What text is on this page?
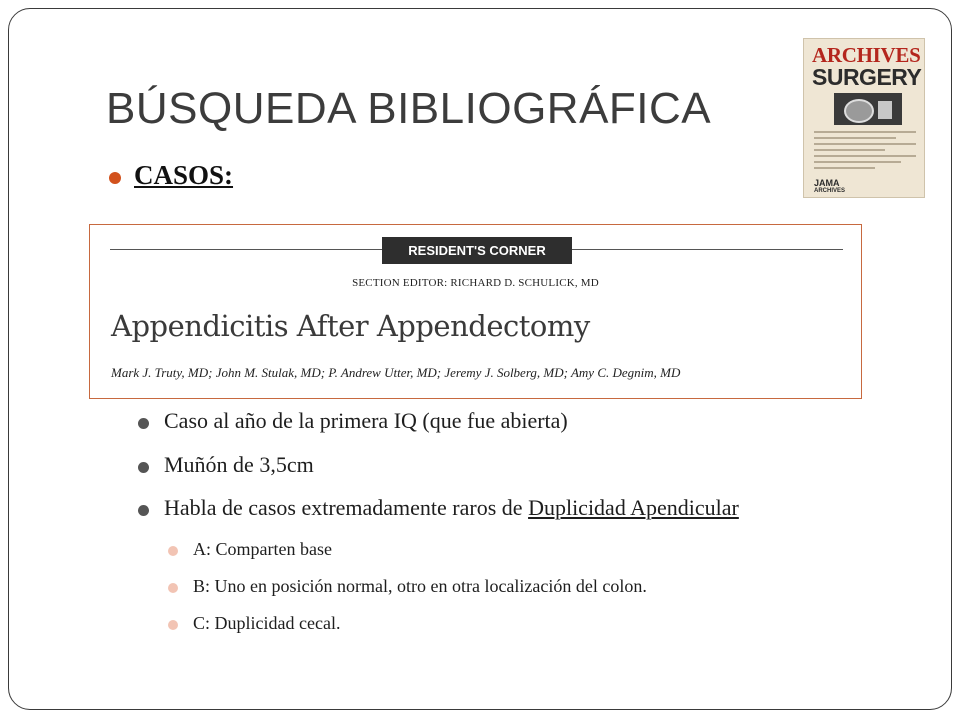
BÚSQUEDA BIBLIOGRÁFICA
CASOS:
ARCHIVES
SURGERY
JAMA
ARCHIVES
RESIDENT'S CORNER
SECTION EDITOR: RICHARD D. SCHULICK, MD
Appendicitis After Appendectomy
Mark J. Truty, MD; John M. Stulak, MD; P. Andrew Utter, MD; Jeremy J. Solberg, MD; Amy C. Degnim, MD
Caso al año de la primera IQ (que fue abierta)
Muñón de 3,5cm
Habla de casos extremadamente raros de Duplicidad Apendicular
A: Comparten base
B: Uno en posición normal, otro en otra localización del colon.
C: Duplicidad cecal.
